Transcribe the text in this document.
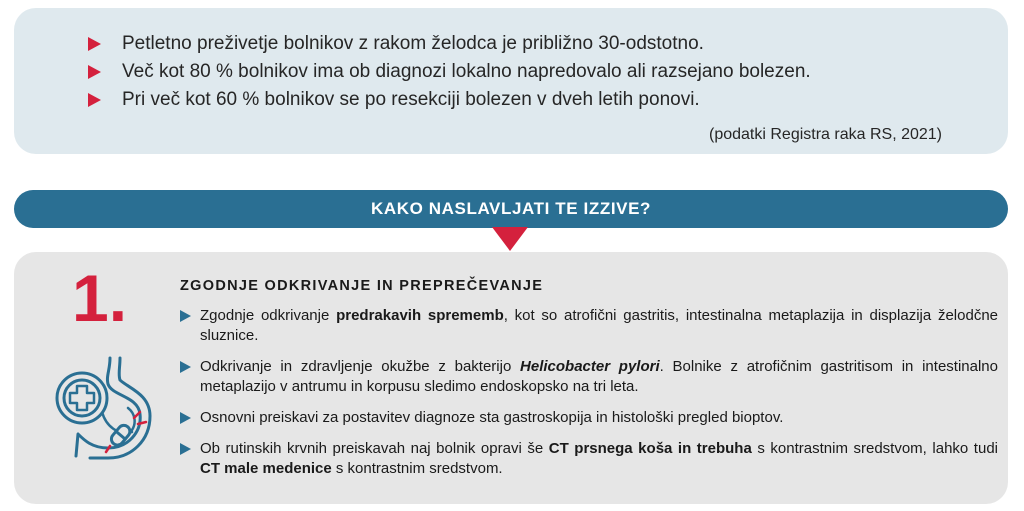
Petletno preživetje bolnikov z rakom želodca je približno 30-odstotno.
Več kot 80 % bolnikov ima ob diagnozi lokalno napredovalo ali razsejano bolezen.
Pri več kot 60 % bolnikov se po resekciji bolezen v dveh letih ponovi.
(podatki Registra raka RS, 2021)
KAKO NASLAVLJATI TE IZZIVE?
1.	ZGODNJE ODKRIVANJE IN PREPREČEVANJE
Zgodnje odkrivanje predrakavih sprememb, kot so atrofični gastritis, intestinalna metaplazija in displazija želodčne sluznice.
Odkrivanje in zdravljenje okužbe z bakterijo Helicobacter pylori. Bolnike z atrofičnim gastritisom in intestinalno metaplazijo v antrumu in korpusu sledimo endoskopsko na tri leta.
Osnovni preiskavi za postavitev diagnoze sta gastroskopija in histološki pregled bioptov.
Ob rutinskih krvnih preiskavah naj bolnik opravi še CT prsnega koša in trebuha s kontrastnim sredstvom, lahko tudi CT male medenice s kontrastnim sredstvom.
